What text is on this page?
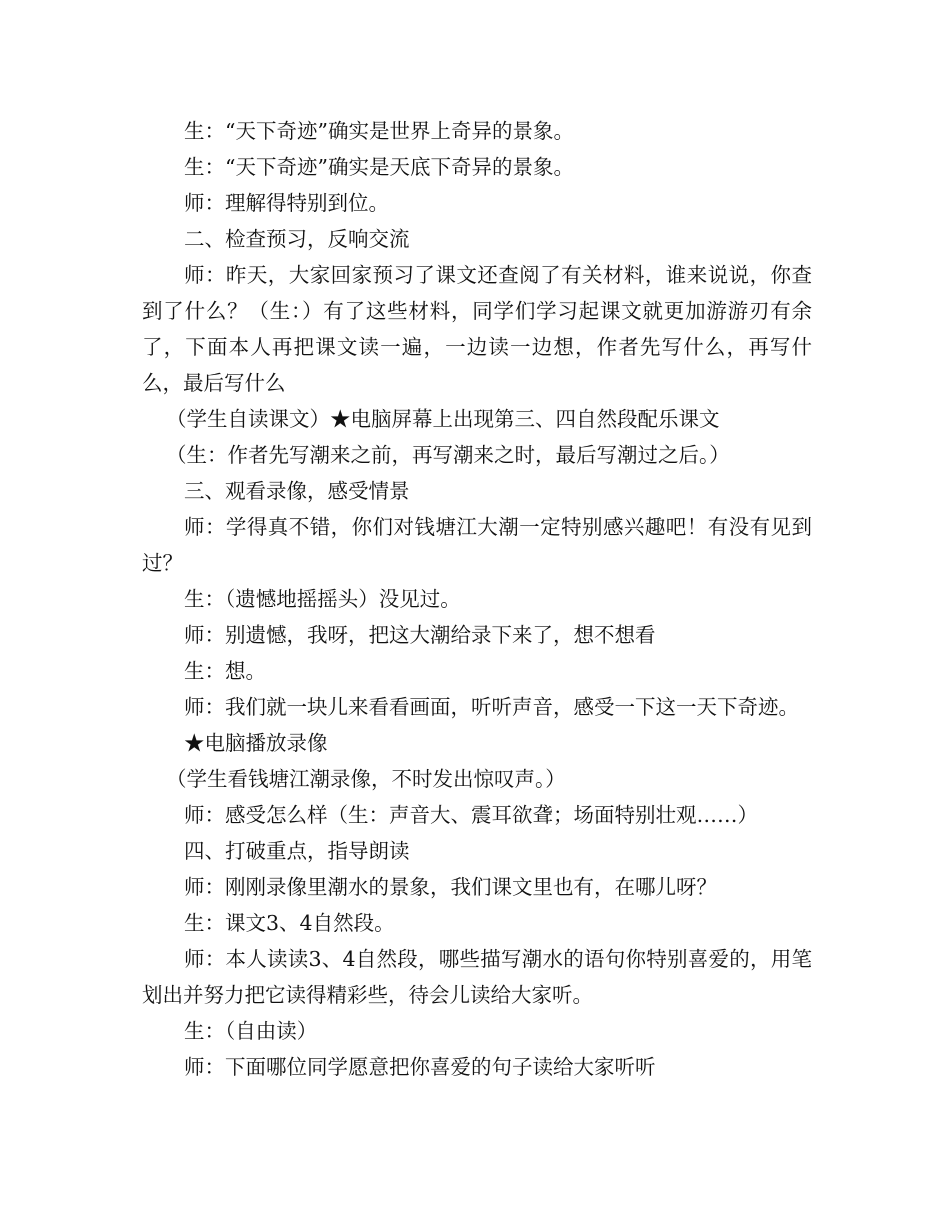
生：“天下奇迹”确实是世界上奇异的景象。

生：“天下奇迹”确实是天底下奇异的景象。

师：理解得特别到位。

二、检查预习，反响交流

师：昨天，大家回家预习了课文还查阅了有关材料，谁来说说，你查到了什么？（生：）有了这些材料，同学们学习起课文就更加游游刃有余了，下面本人再把课文读一遍，一边读一边想，作者先写什么，再写什么，最后写什么

（学生自读课文）★电脑屏幕上出现第三、四自然段配乐课文

（生：作者先写潮来之前，再写潮来之时，最后写潮过之后。）

三、观看录像，感受情景

师：学得真不错，你们对钱塘江大潮一定特别感兴趣吧！有没有见到过？

生：（遗憾地摇摇头）没见过。

师：别遗憾，我呀，把这大潮给录下来了，想不想看

生：想。

师：我们就一块儿来看看画面，听听声音，感受一下这一天下奇迹。

★电脑播放录像

（学生看钱塘江潮录像，不时发出惊叹声。）

师：感受怎么样（生：声音大、震耳欲聋；场面特别壮观……）

四、打破重点，指导朗读

师：刚刚录像里潮水的景象，我们课文里也有，在哪儿呀？

生：课文3、4自然段。

师：本人读读3、4自然段，哪些描写潮水的语句你特别喜爱的，用笔划出并努力把它读得精彩些，待会儿读给大家听。

生：（自由读）

师：下面哪位同学愿意把你喜爱的句子读给大家听听
